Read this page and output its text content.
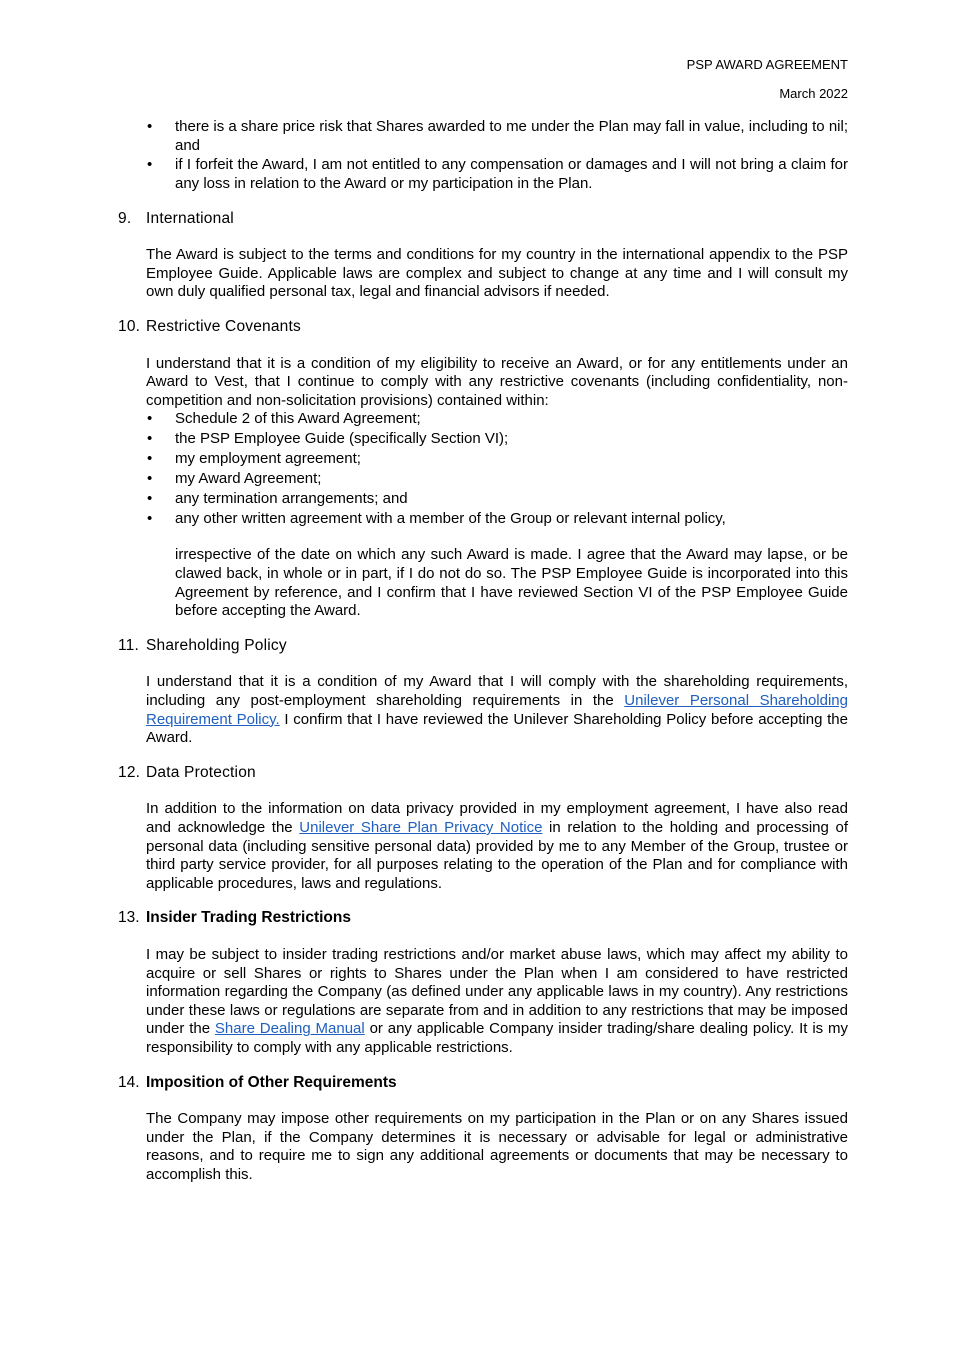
PSP AWARD AGREEMENT
March 2022
• there is a share price risk that Shares awarded to me under the Plan may fall in value, including to nil; and
• if I forfeit the Award, I am not entitled to any compensation or damages and I will not bring a claim for any loss in relation to the Award or my participation in the Plan.
9. International
The Award is subject to the terms and conditions for my country in the international appendix to the PSP Employee Guide. Applicable laws are complex and subject to change at any time and I will consult my own duly qualified personal tax, legal and financial advisors if needed.
10. Restrictive Covenants
I understand that it is a condition of my eligibility to receive an Award, or for any entitlements under an Award to Vest, that I continue to comply with any restrictive covenants (including confidentiality, non-competition and non-solicitation provisions) contained within:
• Schedule 2 of this Award Agreement;
• the PSP Employee Guide (specifically Section VI);
• my employment agreement;
• my Award Agreement;
• any termination arrangements; and
• any other written agreement with a member of the Group or relevant internal policy,
irrespective of the date on which any such Award is made. I agree that the Award may lapse, or be clawed back, in whole or in part, if I do not do so. The PSP Employee Guide is incorporated into this Agreement by reference, and I confirm that I have reviewed Section VI of the PSP Employee Guide before accepting the Award.
11. Shareholding Policy
I understand that it is a condition of my Award that I will comply with the shareholding requirements, including any post-employment shareholding requirements in the Unilever Personal Shareholding Requirement Policy. I confirm that I have reviewed the Unilever Shareholding Policy before accepting the Award.
12. Data Protection
In addition to the information on data privacy provided in my employment agreement, I have also read and acknowledge the Unilever Share Plan Privacy Notice in relation to the holding and processing of personal data (including sensitive personal data) provided by me to any Member of the Group, trustee or third party service provider, for all purposes relating to the operation of the Plan and for compliance with applicable procedures, laws and regulations.
13. Insider Trading Restrictions
I may be subject to insider trading restrictions and/or market abuse laws, which may affect my ability to acquire or sell Shares or rights to Shares under the Plan when I am considered to have restricted information regarding the Company (as defined under any applicable laws in my country). Any restrictions under these laws or regulations are separate from and in addition to any restrictions that may be imposed under the Share Dealing Manual or any applicable Company insider trading/share dealing policy. It is my responsibility to comply with any applicable restrictions.
14. Imposition of Other Requirements
The Company may impose other requirements on my participation in the Plan or on any Shares issued under the Plan, if the Company determines it is necessary or advisable for legal or administrative reasons, and to require me to sign any additional agreements or documents that may be necessary to accomplish this.
